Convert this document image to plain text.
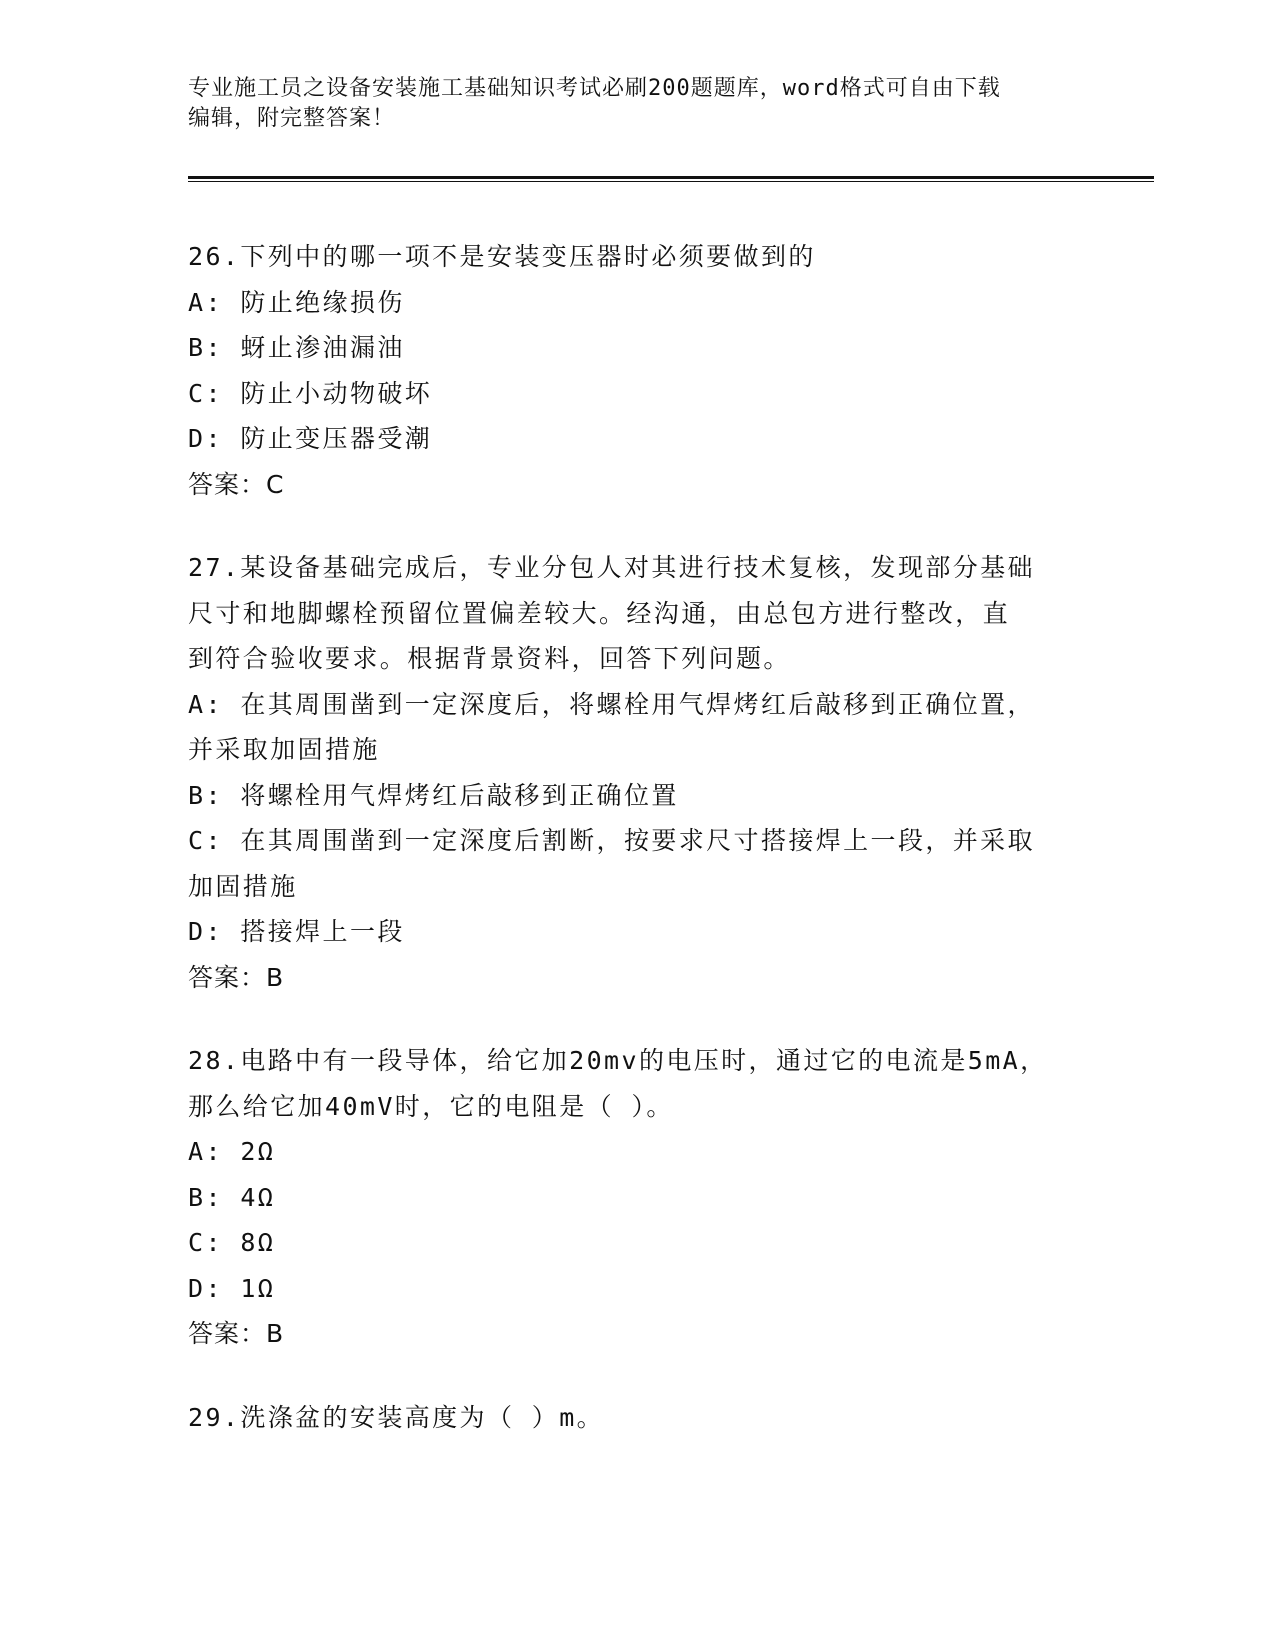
专业施工员之设备安装施工基础知识考试必刷200题题库，word格式可自由下载
编辑，附完整答案！
26.下列中的哪一项不是安装变压器时必须要做到的
A: 防止绝缘损伤
B: 蚜止渗油漏油
C: 防止小动物破坏
D: 防止变压器受潮
答案：C
27.某设备基础完成后，专业分包人对其进行技术复核，发现部分基础
尺寸和地脚螺栓预留位置偏差较大。经沟通，由总包方进行整改，直
到符合验收要求。根据背景资料，回答下列问题。
A: 在其周围凿到一定深度后，将螺栓用气焊烤红后敲移到正确位置，
并采取加固措施
B: 将螺栓用气焊烤红后敲移到正确位置
C: 在其周围凿到一定深度后割断，按要求尺寸搭接焊上一段，并采取
加固措施
D: 搭接焊上一段
答案：B
28.电路中有一段导体，给它加20mv的电压时，通过它的电流是5mA，
那么给它加40mV时，它的电阻是（ ）。
A: 2Ω
B: 4Ω
C: 8Ω
D: 1Ω
答案：B
29.洗涤盆的安装高度为（ ）m。
